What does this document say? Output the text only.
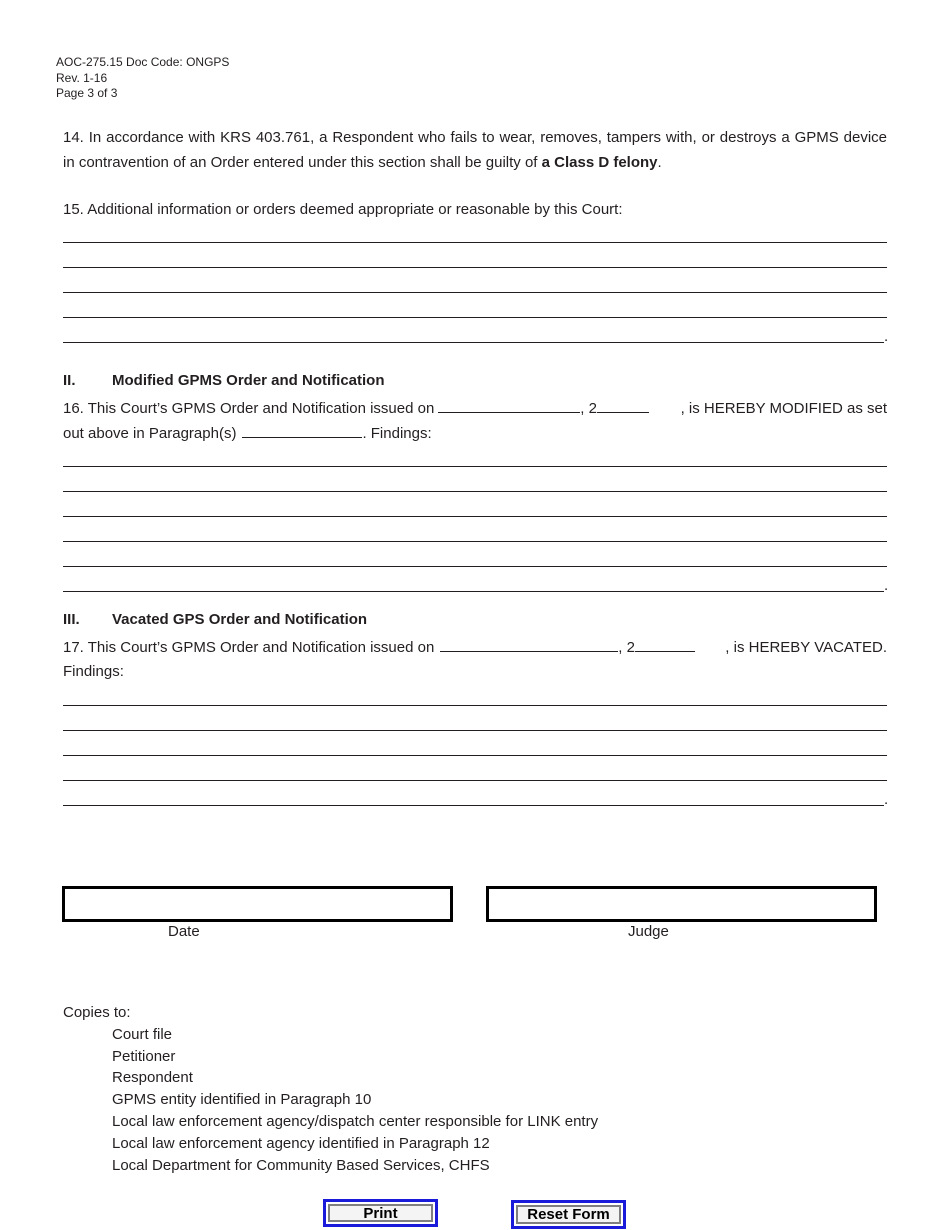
AOC-275.15 Doc Code: ONGPS
Rev. 1-16
Page 3 of 3
14. In accordance with KRS 403.761, a Respondent who fails to wear, removes, tampers with, or destroys a GPMS device in contravention of an Order entered under this section shall be guilty of a Class D felony.
15. Additional information or orders deemed appropriate or reasonable by this Court:
.
II. Modified GPMS Order and Notification
16. This Court’s GPMS Order and Notification issued on	, 2	, is HEREBY MODIFIED as set
out above in Paragraph(s)	. Findings:
.
III. Vacated GPS Order and Notification
17. This Court’s GPMS Order and Notification issued on	, 2	, is HEREBY VACATED.
Findings:
.
Date	Judge
Copies to:
Court file
Petitioner
Respondent
GPMS entity identified in Paragraph 10
Local law enforcement agency/dispatch center responsible for LINK entry
Local law enforcement agency identified in Paragraph 12
Local Department for Community Based Services, CHFS
Print	Reset Form
